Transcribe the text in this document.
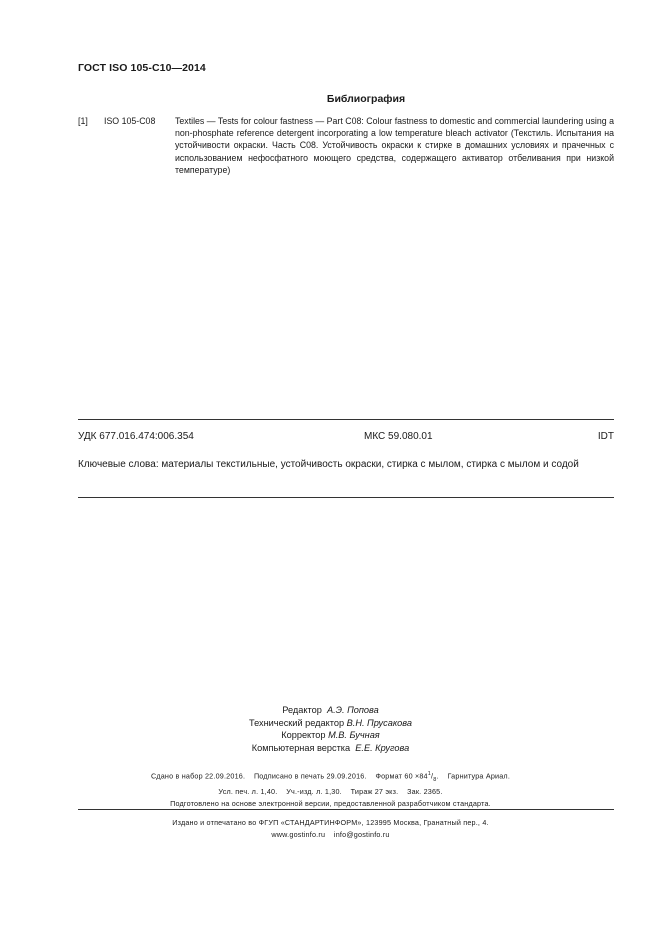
ГОСТ ISO 105-C10—2014
Библиография
[1] ISO 105-C08 Textiles — Tests for colour fastness — Part C08: Colour fastness to domestic and commercial laundering using a non-phosphate reference detergent incorporating a low temperature bleach activator (Текстиль. Испытания на устойчивости окраски. Часть C08. Устойчивость окраски к стирке в домашних условиях и прачечных с использованием нефосфатного моющего средства, содержащего активатор отбеливания при низкой температуре)
УДК 677.016.474:006.354	МКС 59.080.01	IDT
Ключевые слова: материалы текстильные, устойчивость окраски, стирка с мылом, стирка с мылом и содой
Редактор А.Э. Попова
Технический редактор В.Н. Прусакова
Корректор М.В. Бучная
Компьютерная верстка Е.Е. Кругова
Сдано в набор 22.09.2016.    Подписано в печать 29.09.2016.    Формат $60 \times 84^1/_8$.    Гарнитура Ариал.
Усл. печ. л. 1,40.    Уч.-изд. л. 1,30.    Тираж 27 экз.    Зак. 2365.
Подготовлено на основе электронной версии, предоставленной разработчиком стандарта.
Издано и отпечатано во ФГУП «СТАНДАРТИНФОРМ», 123995 Москва, Гранатный пер., 4.
www.gostinfo.ru    info@gostinfo.ru
